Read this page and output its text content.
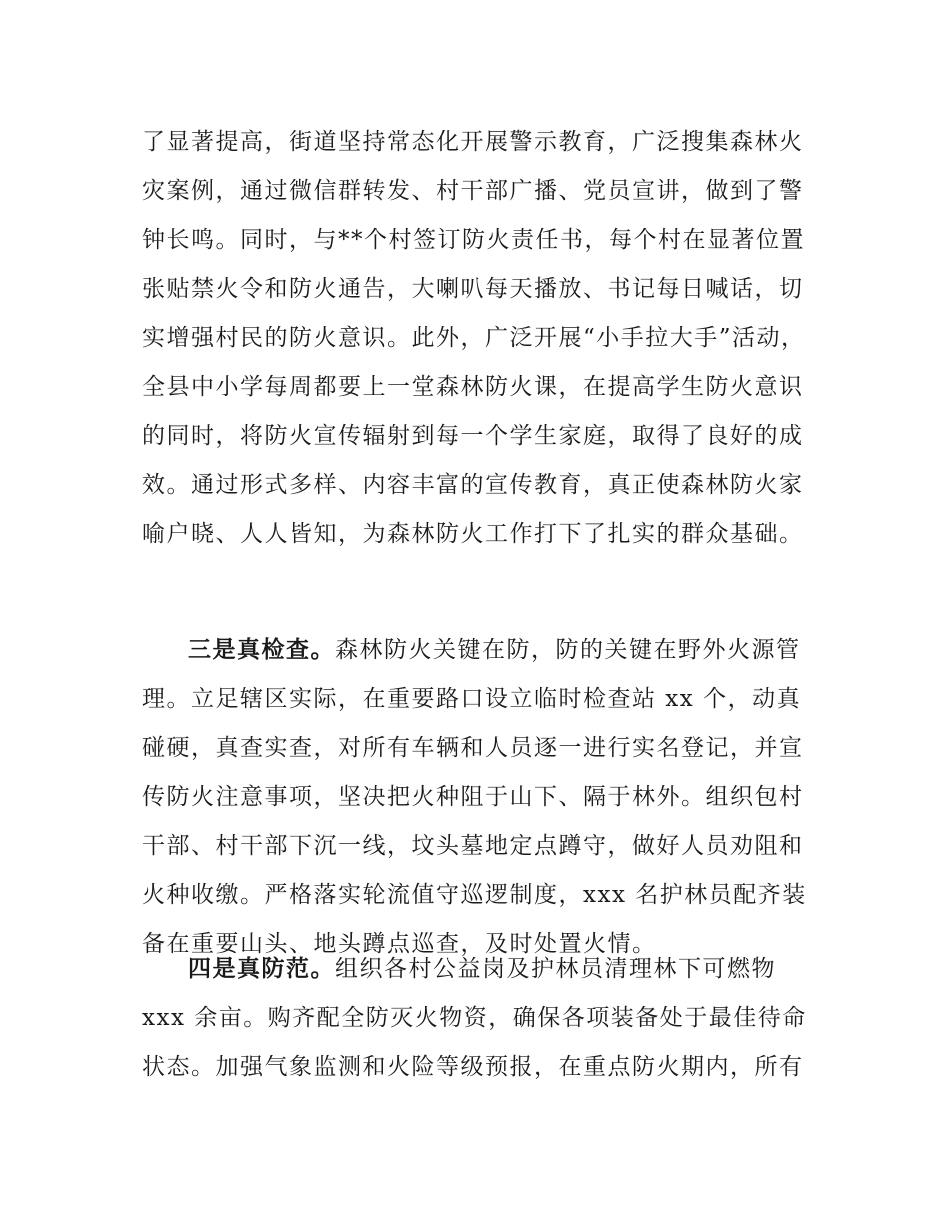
了显著提高，街道坚持常态化开展警示教育，广泛搜集森林火
灾案例，通过微信群转发、村干部广播、党员宣讲，做到了警
钟长鸣。同时，与**个村签订防火责任书，每个村在显著位置
张贴禁火令和防火通告，大喇叭每天播放、书记每日喊话，切
实增强村民的防火意识。此外，广泛开展“小手拉大手”活动，
全县中小学每周都要上一堂森林防火课，在提高学生防火意识
的同时，将防火宣传辐射到每一个学生家庭，取得了良好的成
效。通过形式多样、内容丰富的宣传教育，真正使森林防火家
喻户晓、人人皆知，为森林防火工作打下了扎实的群众基础。
三是真检查。森林防火关键在防，防的关键在野外火源管
理。立足辖区实际，在重要路口设立临时检查站 xx 个，动真
碰硬，真查实查，对所有车辆和人员逐一进行实名登记，并宣
传防火注意事项，坚决把火种阻于山下、隔于林外。组织包村
干部、村干部下沉一线，坟头墓地定点蹲守，做好人员劝阻和
火种收缴。严格落实轮流值守巡逻制度，xxx 名护林员配齐装
备在重要山头、地头蹲点巡查，及时处置火情。
四是真防范。组织各村公益岗及护林员清理林下可燃物
xxx 余亩。购齐配全防灭火物资，确保各项装备处于最佳待命
状态。加强气象监测和火险等级预报，在重点防火期内，所有
